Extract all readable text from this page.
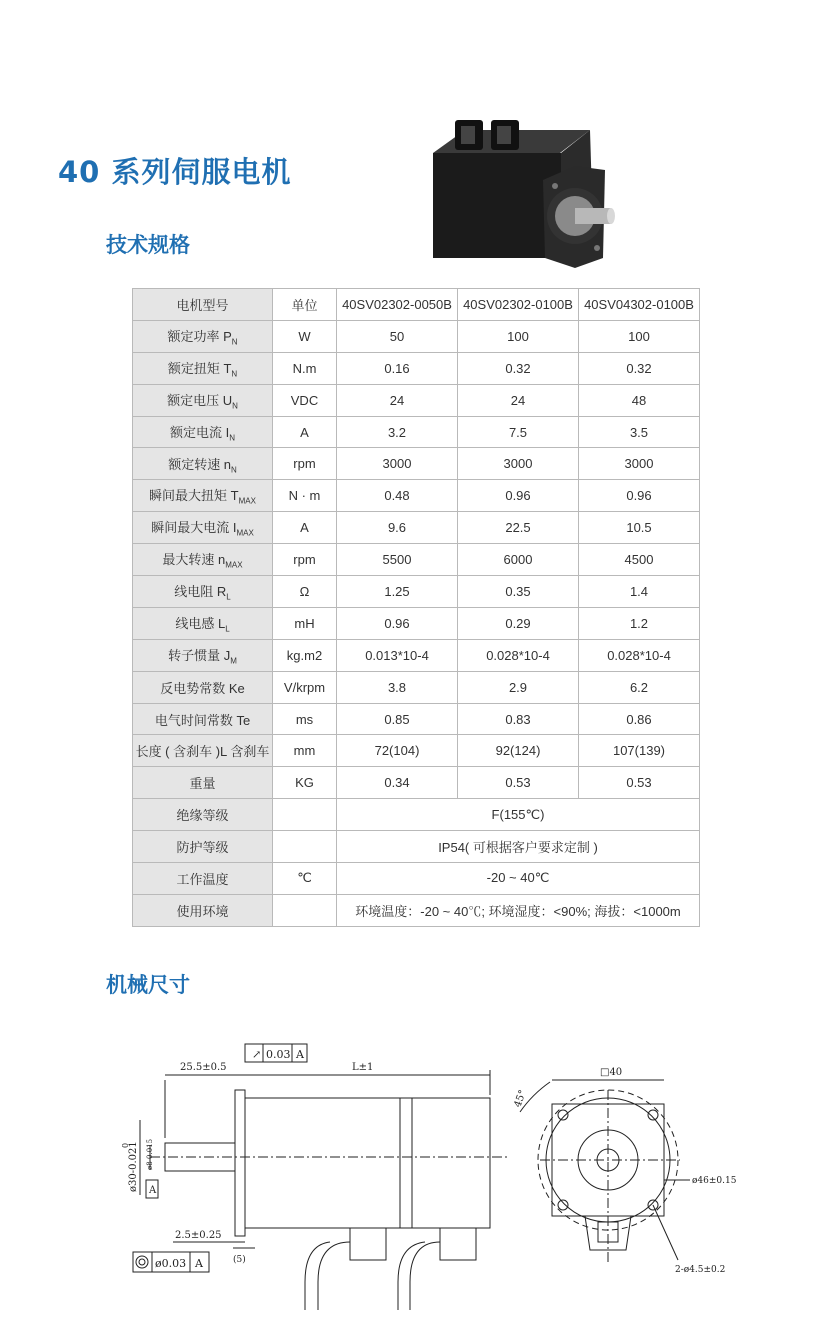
40 系列伺服电机
技术规格
机械尺寸
电机型号	单位	40SV02302-0050B	40SV02302-0100B	40SV04302-0100B
额定功率 $P_N$	W	50	100	100
额定扭矩 $T_N$	N.m	0.16	0.32	0.32
额定电压 $U_N$	VDC	24	24	48
额定电流 $I_N$	A	3.2	7.5	3.5
额定转速 $n_N$	rpm	3000	3000	3000
瞬间最大扭矩 $T_{MAX}$	N · m	0.48	0.96	0.96
瞬间最大电流 $I_{MAX}$	A	9.6	22.5	10.5
最大转速 $n_{MAX}$	rpm	5500	6000	4500
线电阻 $R_L$	Ω	1.25	0.35	1.4
线电感 $L_L$	mH	0.96	0.29	1.2
转子惯量 $J_M$	kg.m2	0.013*10-4	0.028*10-4	0.028*10-4
反电势常数 Ke	V/krpm	3.8	2.9	6.2
电气时间常数 Te	ms	0.85	0.83	0.86
长度 ( 含刹车 )L 含刹车	mm	72(104)	92(124)	107(139)
重量	KG	0.34	0.53	0.53
绝缘等级		F(155℃)		
防护等级		IP54( 可根据客户要求定制 )		
工作温度	℃	-20 ~ 40℃		
使用环境		环境温度：-20 ~ 40℃; 环境湿度：<90%; 海拔：<1000m		
25.5±0.5
↗ 0.03 A
L±1
ø30-0.021
0 ø8-0.015
A
2.5±0.25
ø0.03 A	(5)
□40
45°
ø46±0.15
2-ø4.5±0.2
